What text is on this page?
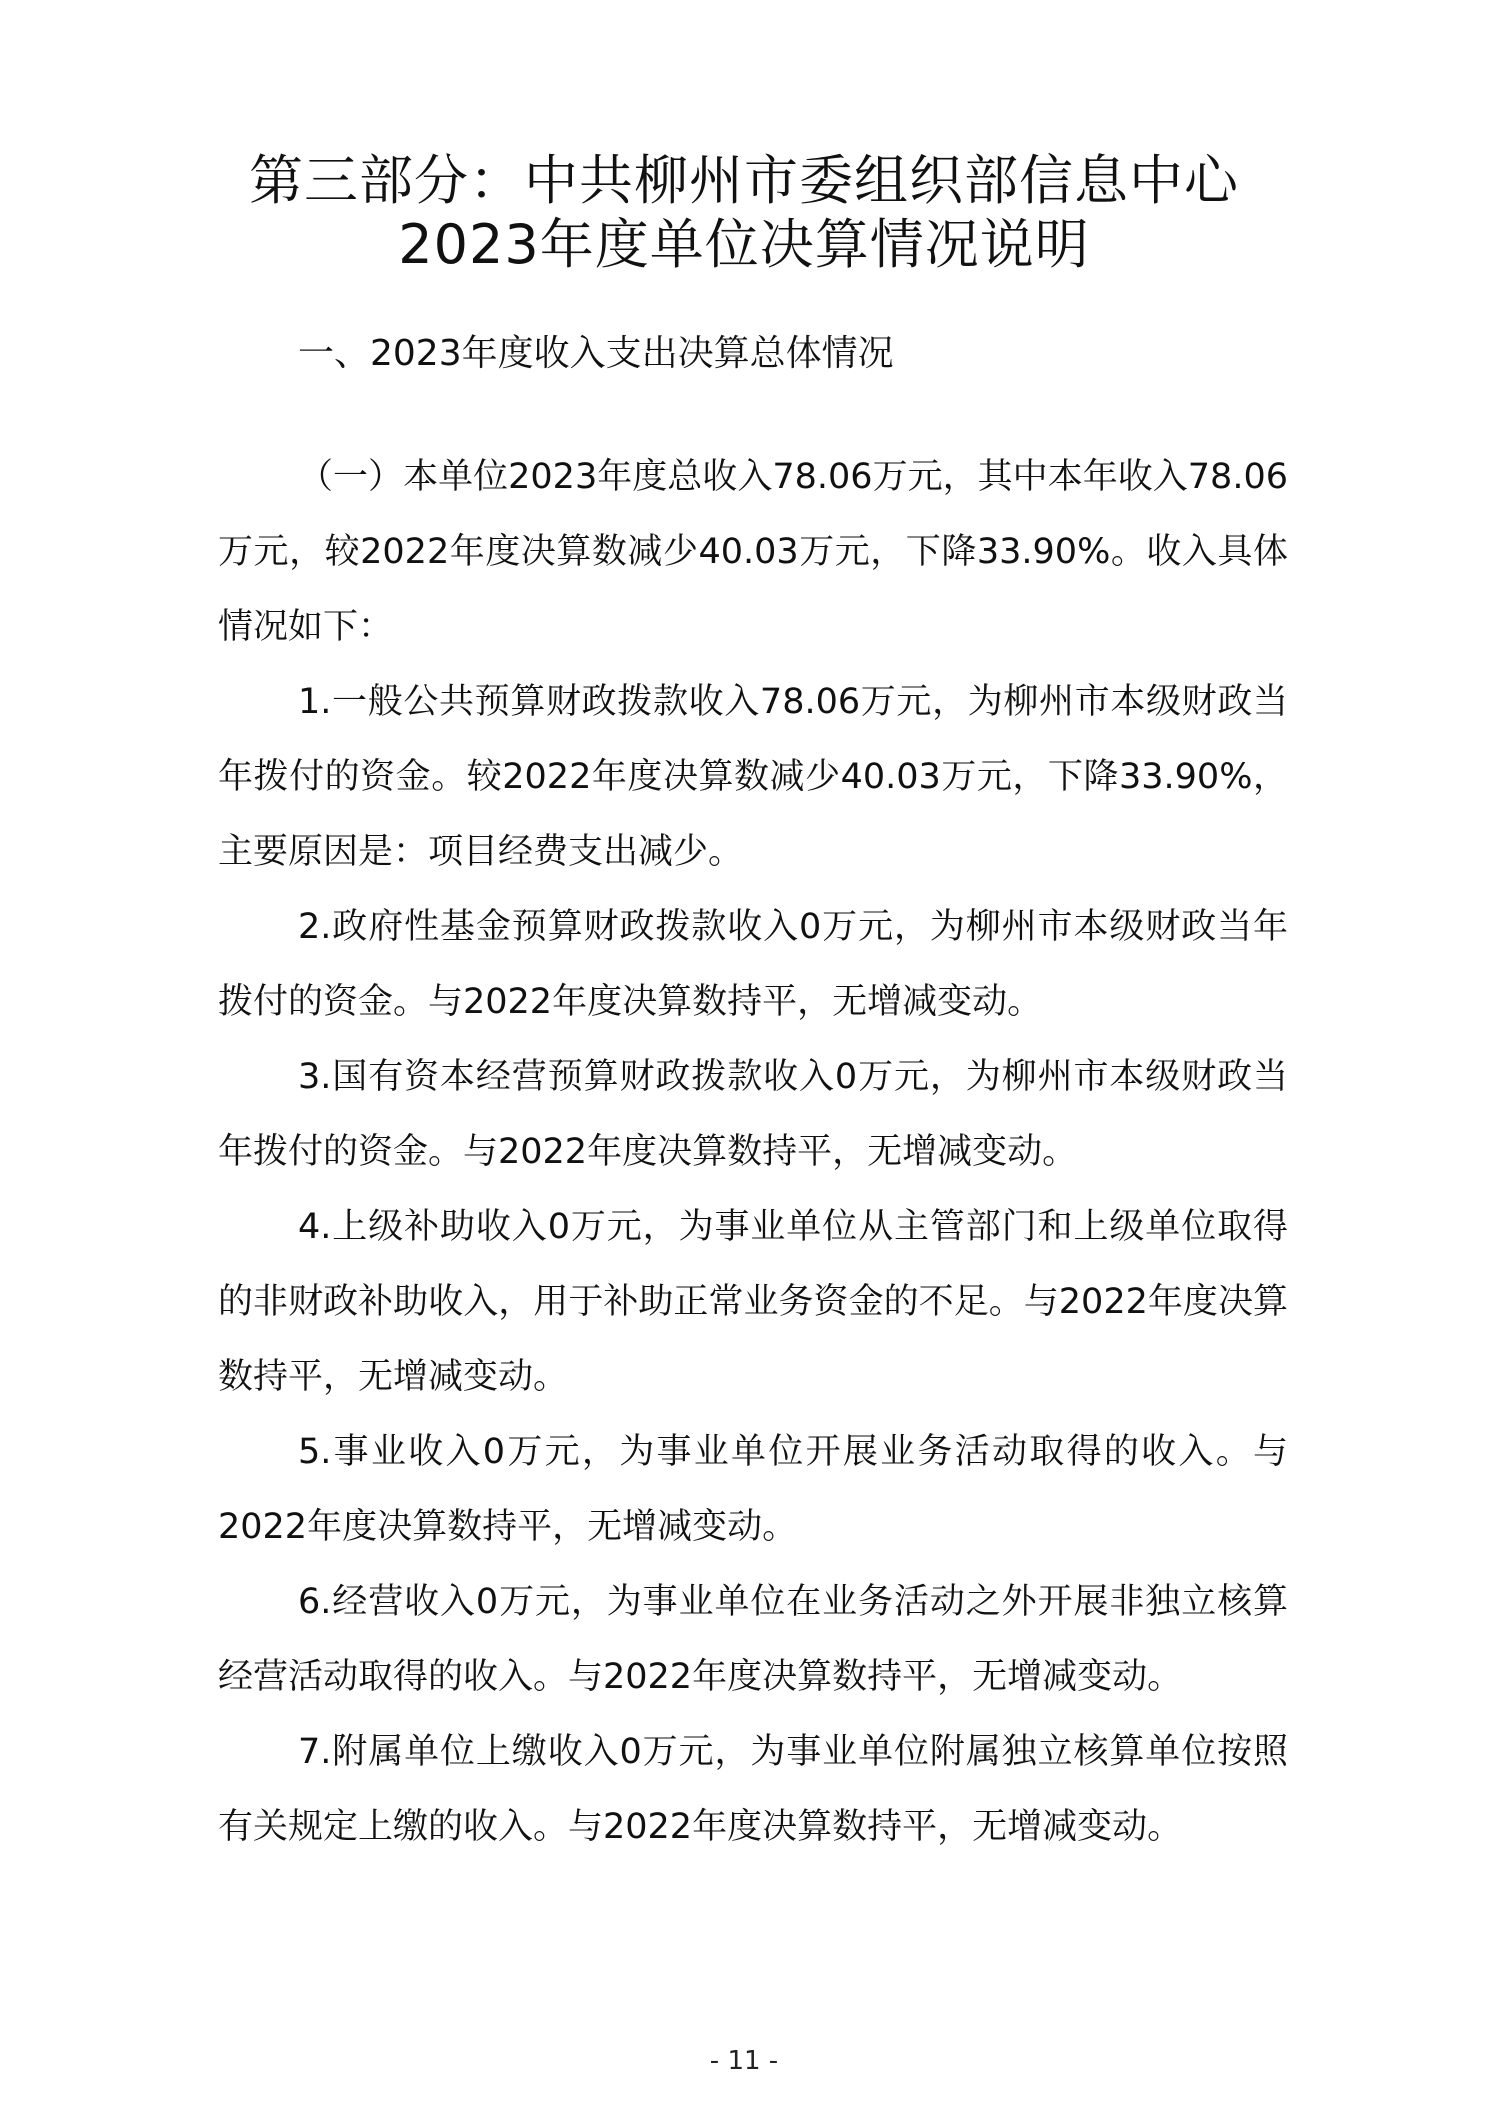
第三部分：中共柳州市委组织部信息中心
2023年度单位决算情况说明
一、2023年度收入支出决算总体情况

（一）本单位2023年度总收入78.06万元，其中本年收入78.06万元，较2022年度决算数减少40.03万元，下降33.90%。收入具体情况如下：

1.一般公共预算财政拨款收入78.06万元，为柳州市本级财政当年拨付的资金。较2022年度决算数减少40.03万元，下降33.90%，主要原因是：项目经费支出减少。

2.政府性基金预算财政拨款收入0万元，为柳州市本级财政当年拨付的资金。与2022年度决算数持平，无增减变动。

3.国有资本经营预算财政拨款收入0万元，为柳州市本级财政当年拨付的资金。与2022年度决算数持平，无增减变动。

4.上级补助收入0万元，为事业单位从主管部门和上级单位取得的非财政补助收入，用于补助正常业务资金的不足。与2022年度决算数持平，无增减变动。

5.事业收入0万元，为事业单位开展业务活动取得的收入。与2022年度决算数持平，无增减变动。

6.经营收入0万元，为事业单位在业务活动之外开展非独立核算经营活动取得的收入。与2022年度决算数持平，无增减变动。

7.附属单位上缴收入0万元，为事业单位附属独立核算单位按照有关规定上缴的收入。与2022年度决算数持平，无增减变动。

- 11 -
